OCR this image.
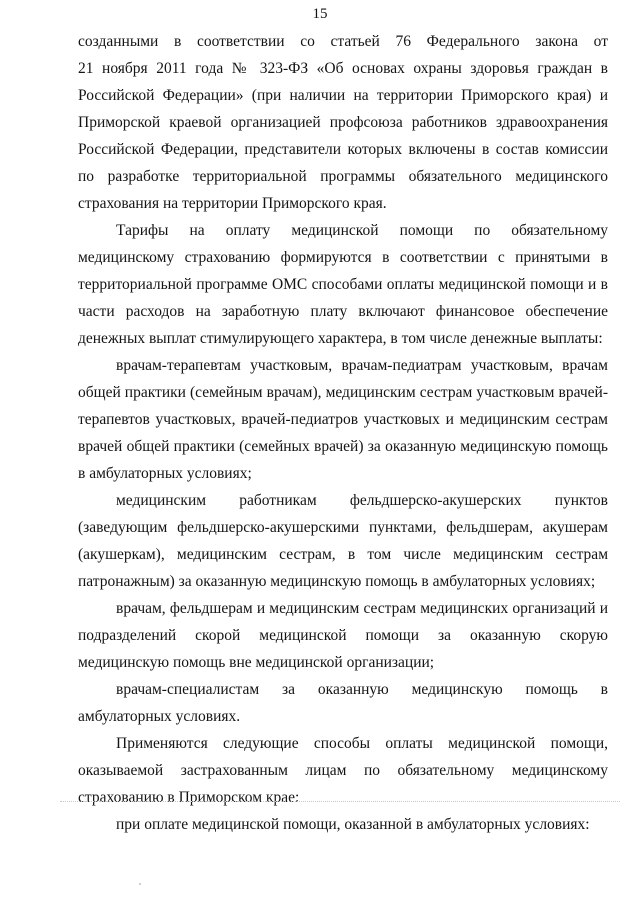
15
созданными в соответствии со статьей 76 Федерального закона от
21 ноября 2011 года № 323-ФЗ «Об основах охраны здоровья граждан в
Российской Федерации» (при наличии на территории Приморского края) и
Приморской краевой организацией профсоюза работников здравоохранения
Российской Федерации, представители которых включены в состав комиссии
по разработке территориальной программы обязательного медицинского
страхования на территории Приморского края.
Тарифы на оплату медицинской помощи по обязательному
медицинскому страхованию формируются в соответствии с принятыми в
территориальной программе ОМС способами оплаты медицинской помощи и в
части расходов на заработную плату включают финансовое обеспечение
денежных выплат стимулирующего характера, в том числе денежные выплаты:
врачам-терапевтам участковым, врачам-педиатрам участковым, врачам
общей практики (семейным врачам), медицинским сестрам участковым врачей-
терапевтов участковых, врачей-педиатров участковых и медицинским сестрам
врачей общей практики (семейных врачей) за оказанную медицинскую помощь
в амбулаторных условиях;
медицинским работникам фельдшерско-акушерских пунктов
(заведующим фельдшерско-акушерскими пунктами, фельдшерам, акушерам
(акушеркам), медицинским сестрам, в том числе медицинским сестрам
патронажным) за оказанную медицинскую помощь в амбулаторных условиях;
врачам, фельдшерам и медицинским сестрам медицинских организаций и
подразделений скорой медицинской помощи за оказанную скорую
медицинскую помощь вне медицинской организации;
врачам-специалистам за оказанную медицинскую помощь в
амбулаторных условиях.
Применяются следующие способы оплаты медицинской помощи,
оказываемой застрахованным лицам по обязательному медицинскому
страхованию в Приморском крае:
при оплате медицинской помощи, оказанной в амбулаторных условиях:
